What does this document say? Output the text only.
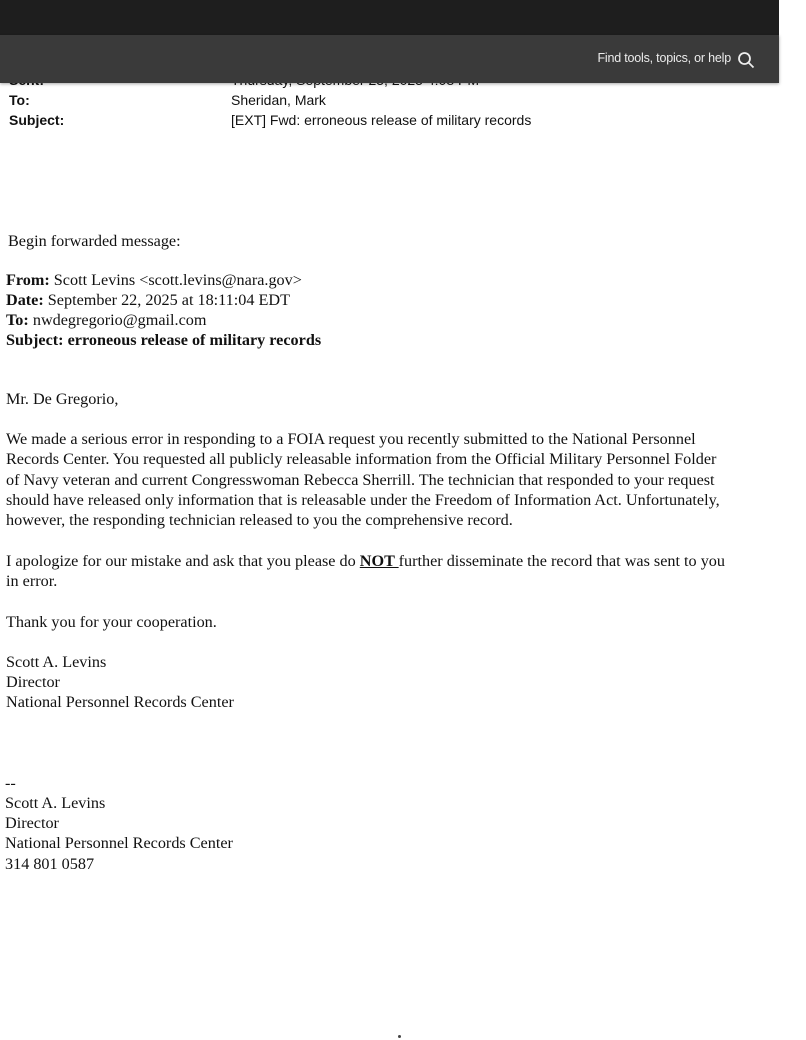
Find tools, topics, or help
To:	Sheridan, Mark
Subject:	[EXT] Fwd: erroneous release of military records
Begin forwarded message:
From: Scott Levins <scott.levins@nara.gov>
Date: September 22, 2025 at 18:11:04 EDT
To: nwdegregorio@gmail.com
Subject: erroneous release of military records
Mr. De Gregorio,
We made a serious error in responding to a FOIA request you recently submitted to the National Personnel
Records Center. You requested all publicly releasable information from the Official Military Personnel Folder
of Navy veteran and current Congresswoman Rebecca Sherrill. The technician that responded to your request
should have released only information that is releasable under the Freedom of Information Act. Unfortunately,
however, the responding technician released to you the comprehensive record.
I apologize for our mistake and ask that you please do NOT further disseminate the record that was sent to you
in error.
Thank you for your cooperation.
Scott A. Levins
Director
National Personnel Records Center
--
Scott A. Levins
Director
National Personnel Records Center
314 801 0587
